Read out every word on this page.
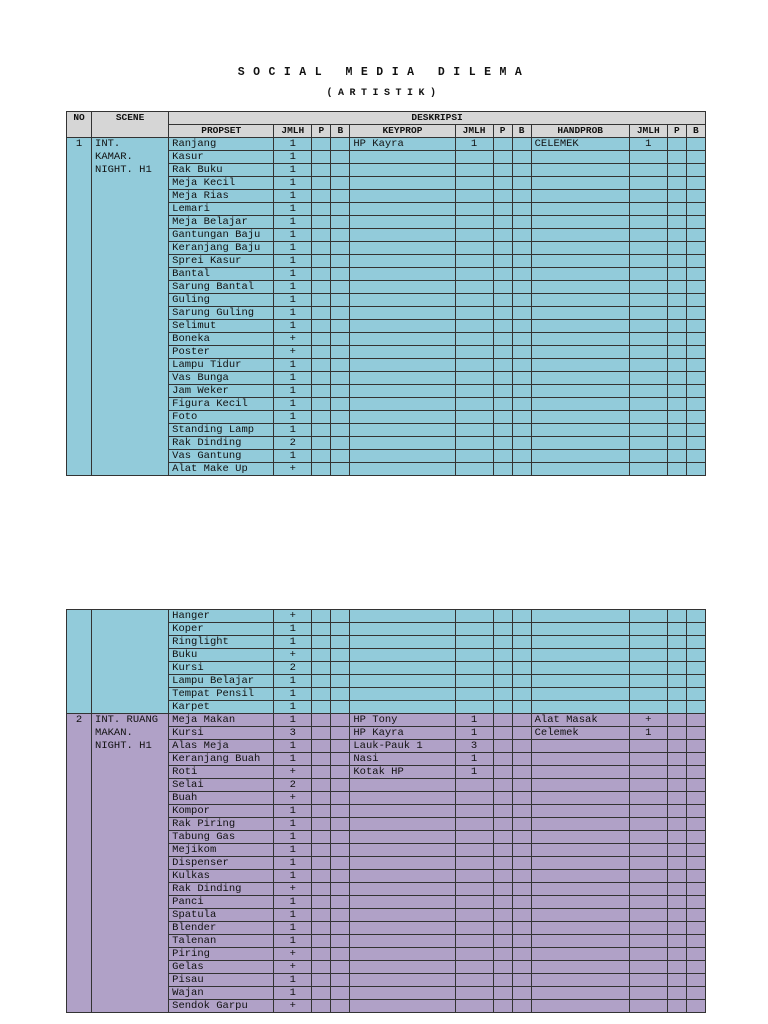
SOCIAL MEDIA DILEMA
(ARTISTIK)
NO	SCENE	DESKRIPSI											
		PROPSET	JMLH	P	B	KEYPROP	JMLH	P	B	HANDPROB	JMLH	P	B
1	INT.
KAMAR.
NIGHT. H1	Ranjang	1			HP Kayra	1			CELEMEK	1		
		Kasur	1										
		Rak Buku	1										
		Meja Kecil	1										
		Meja Rias	1										
		Lemari	1										
		Meja Belajar	1										
		Gantungan Baju	1										
		Keranjang Baju	1										
		Sprei Kasur	1										
		Bantal	1										
		Sarung Bantal	1										
		Guling	1										
		Sarung Guling	1										
		Selimut	1										
		Boneka	+										
		Poster	+										
		Lampu Tidur	1										
		Vas Bunga	1										
		Jam Weker	1										
		Figura Kecil	1										
		Foto	1										
		Standing Lamp	1										
		Rak Dinding	2										
		Vas Gantung	1										
		Alat Make Up	+										
		Hanger	+										
		Koper	1										
		Ringlight	1										
		Buku	+										
		Kursi	2										
		Lampu Belajar	1										
		Tempat Pensil	1										
		Karpet	1										
2	INT. RUANG
MAKAN.
NIGHT. H1	Meja Makan	1			HP Tony	1			Alat Masak	+		
		Kursi	3			HP Kayra	1			Celemek	1		
		Alas Meja	1			Lauk-Pauk 1	3						
		Keranjang Buah	1			Nasi	1						
		Roti	+			Kotak HP	1						
		Selai	2										
		Buah	+										
		Kompor	1										
		Rak Piring	1										
		Tabung Gas	1										
		Mejikom	1										
		Dispenser	1										
		Kulkas	1										
		Rak Dinding	+										
		Panci	1										
		Spatula	1										
		Blender	1										
		Talenan	1										
		Piring	+										
		Gelas	+										
		Pisau	1										
		Wajan	1										
		Sendok Garpu	+										
